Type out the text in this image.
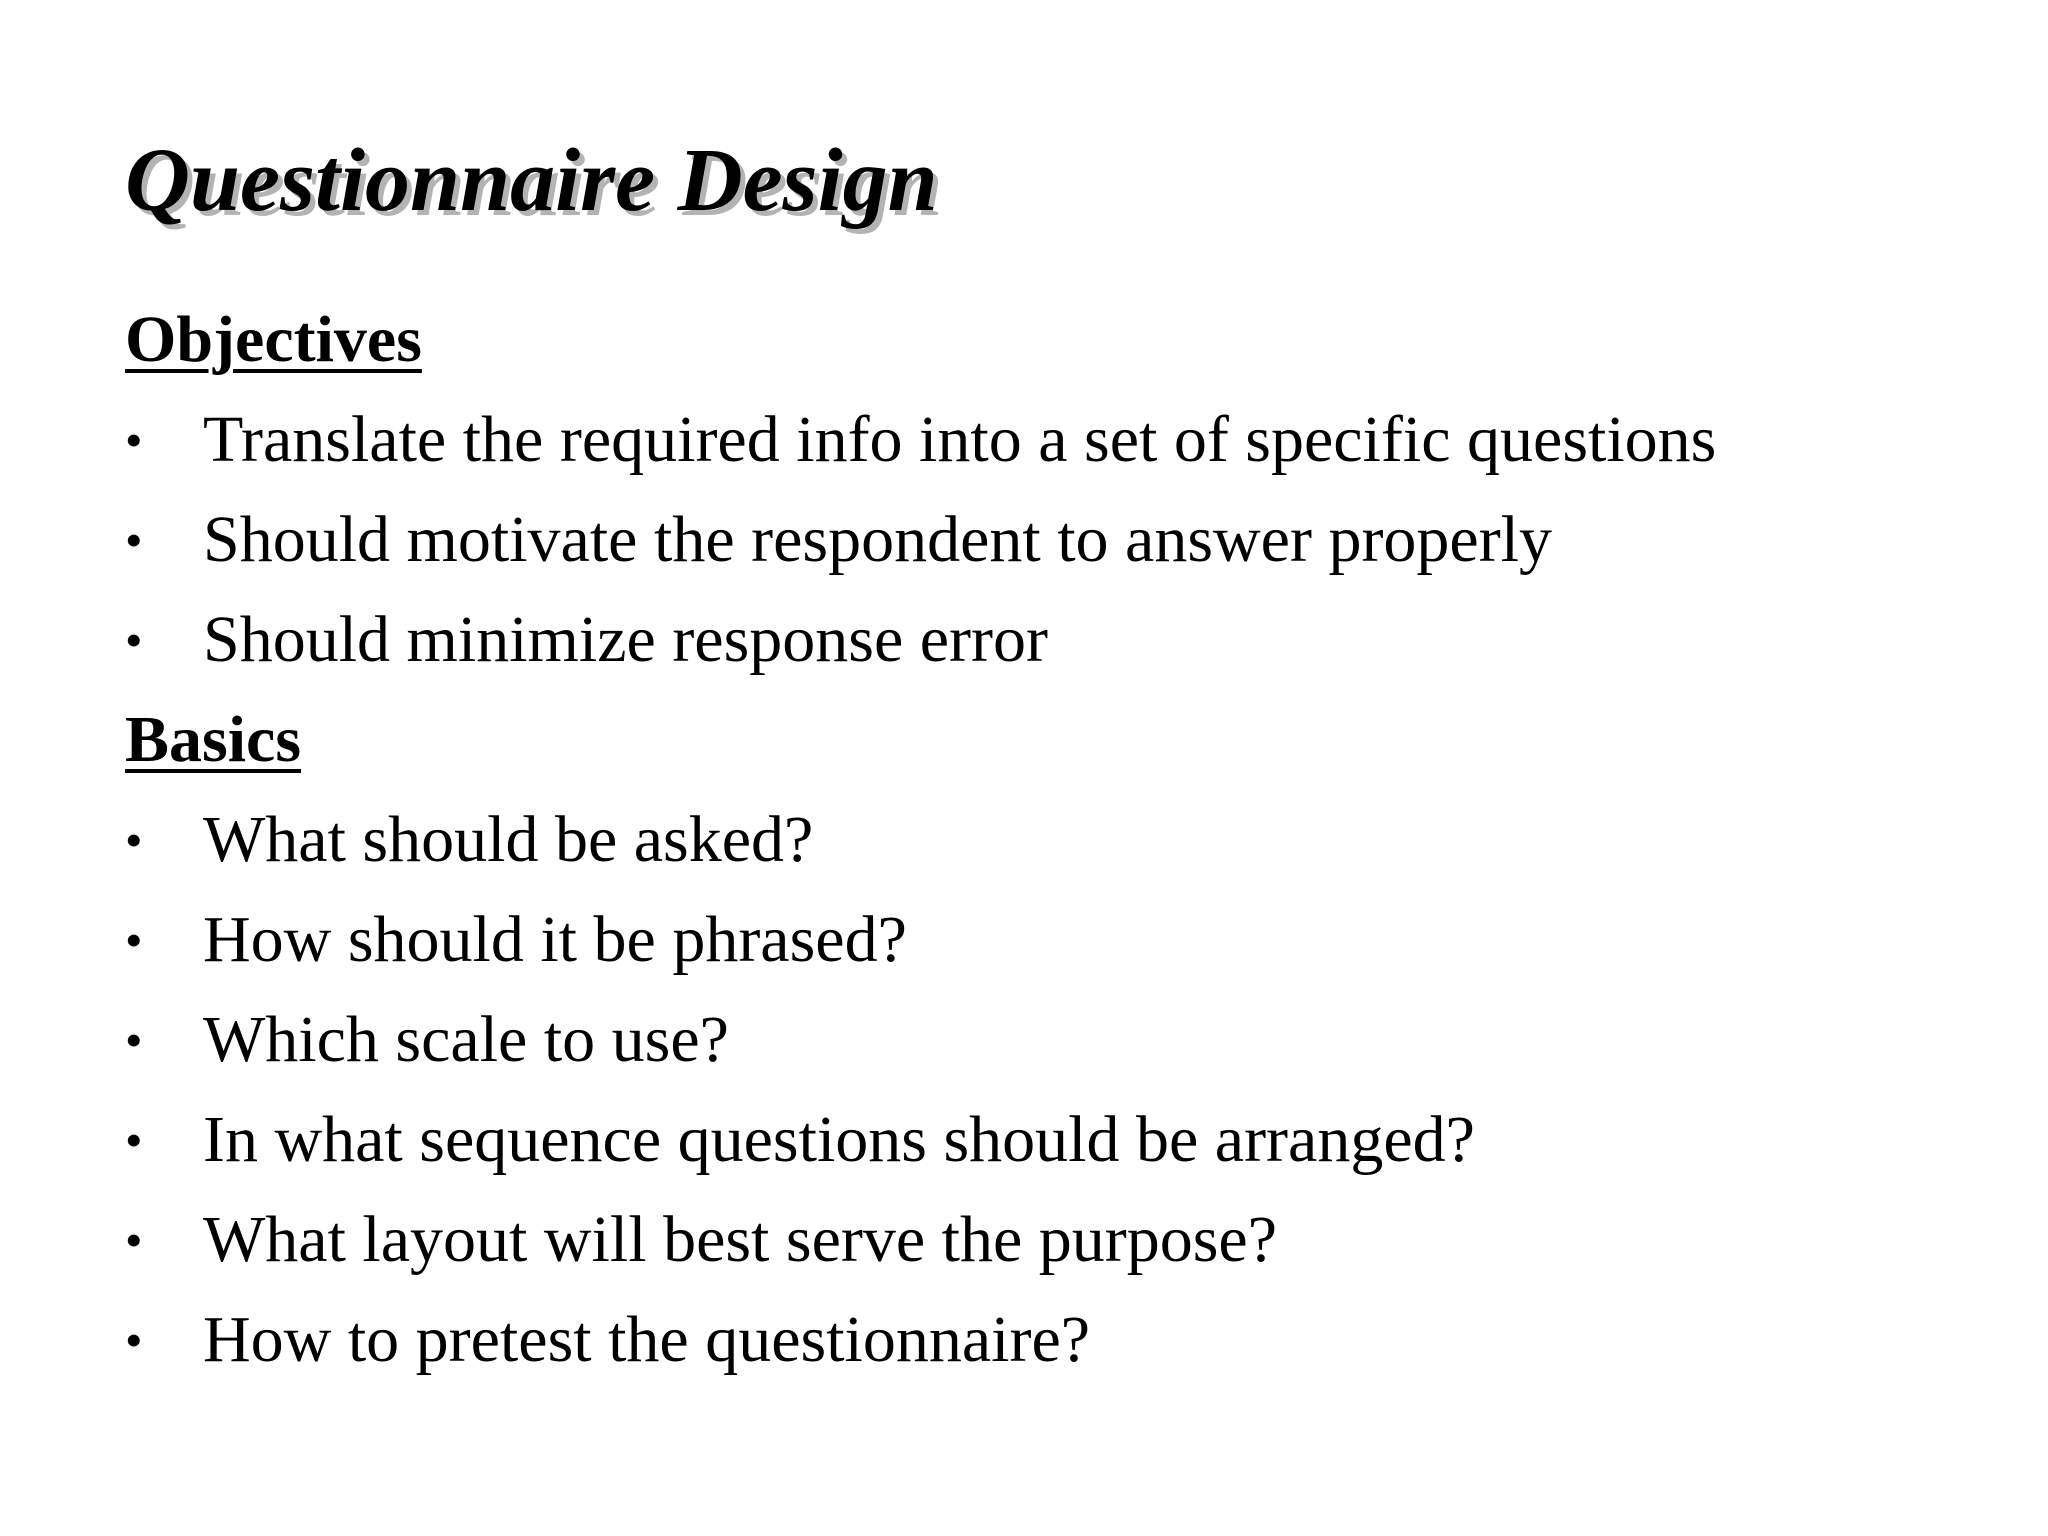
Questionnaire Design
Objectives
• Translate the required info into a set of specific questions
• Should motivate the respondent to answer properly
• Should minimize response error
Basics
• What should be asked?
• How should it be phrased?
• Which scale to use?
• In what sequence questions should be arranged?
• What layout will best serve the purpose?
• How to pretest the questionnaire?
